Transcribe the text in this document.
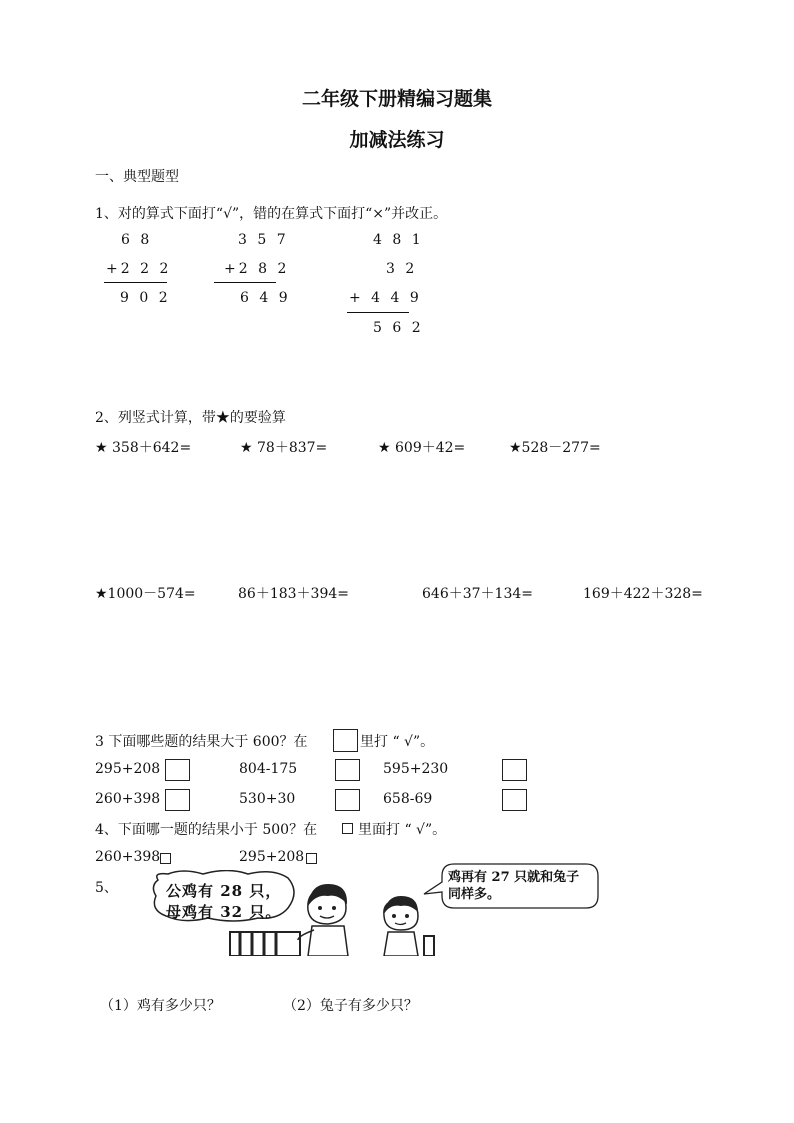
二年级下册精编习题集
加减法练习
一、典型题型
1、对的算式下面打“√”，错的在算式下面打“×”并改正。
6 8
+2 2 2
9 0 2
3 5 7
+2 8 2
6 4 9
4 8 1
3 2
+ 4 4 9
5 6 2
2、列竖式计算，带★的要验算
★ 358＋642=	★ 78＋837=	★ 609＋42=	★528－277=
★1000－574=	86＋183＋394=	646＋37＋134=	169＋422＋328=
3 下面哪些题的结果大于 600？在	里打 “ √”。
295+208	804-175	595+230
260+398	530+30	658-69
4、下面哪一题的结果小于 500？在	里面打 “ √”。
260+398	295+208
5、	公鸡有 28 只，
母鸡有 32 只。
鸡再有 27 只就和兔子
同样多。
（1）鸡有多少只？	（2）兔子有多少只？
